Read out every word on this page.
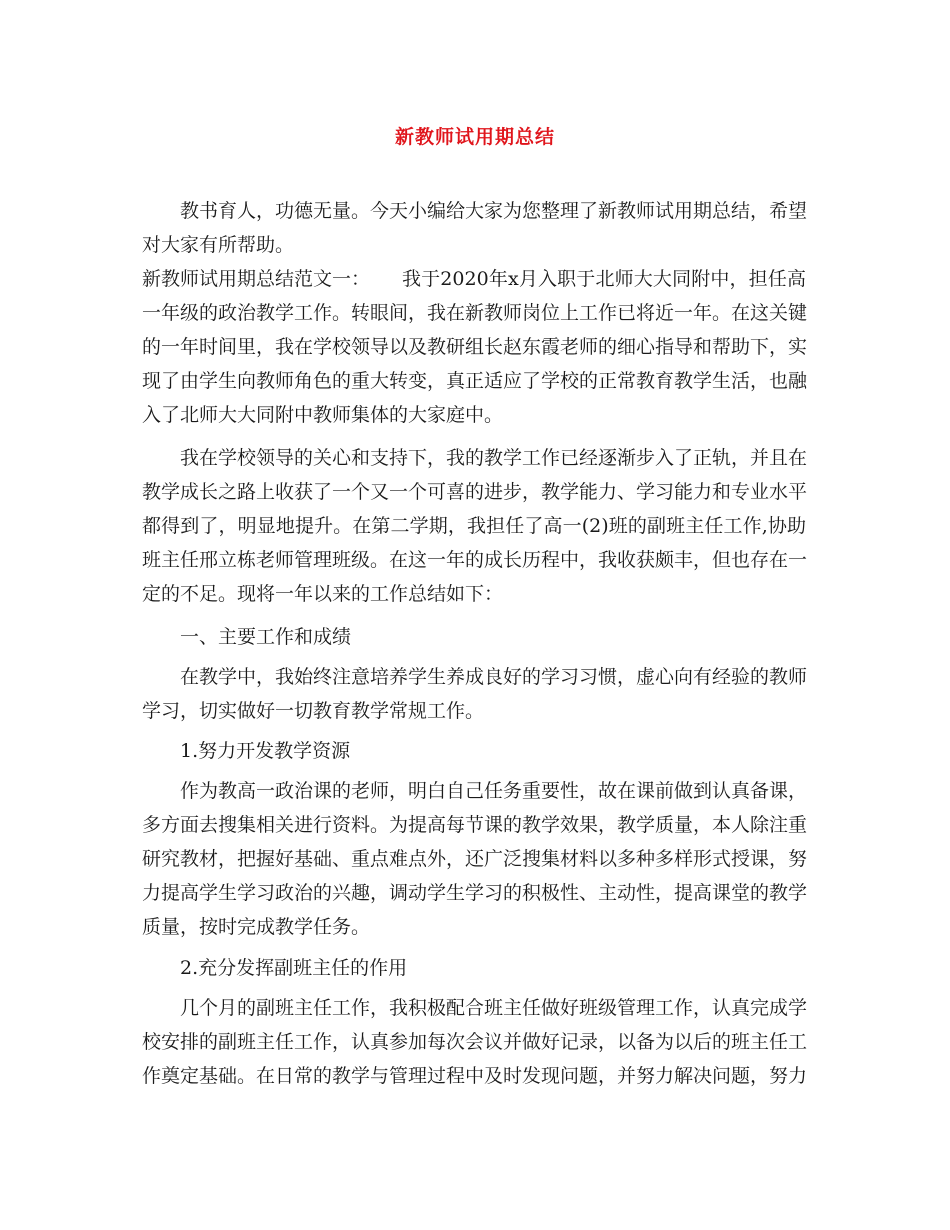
新教师试用期总结
教书育人，功德无量。今天小编给大家为您整理了新教师试用期总结，希望
对大家有所帮助。
新教师试用期总结范文一： 我于2020年x月入职于北师大大同附中，担任高
一年级的政治教学工作。转眼间，我在新教师岗位上工作已将近一年。在这关键
的一年时间里，我在学校领导以及教研组长赵东霞老师的细心指导和帮助下，实
现了由学生向教师角色的重大转变，真正适应了学校的正常教育教学生活，也融
入了北师大大同附中教师集体的大家庭中。
我在学校领导的关心和支持下，我的教学工作已经逐渐步入了正轨，并且在
教学成长之路上收获了一个又一个可喜的进步，教学能力、学习能力和专业水平
都得到了，明显地提升。在第二学期，我担任了高一(2)班的副班主任工作,协助
班主任邢立栋老师管理班级。在这一年的成长历程中，我收获颇丰，但也存在一
定的不足。现将一年以来的工作总结如下：
一、主要工作和成绩
在教学中，我始终注意培养学生养成良好的学习习惯，虚心向有经验的教师
学习，切实做好一切教育教学常规工作。
1.努力开发教学资源
作为教高一政治课的老师，明白自己任务重要性，故在课前做到认真备课，
多方面去搜集相关进行资料。为提高每节课的教学效果，教学质量，本人除注重
研究教材，把握好基础、重点难点外，还广泛搜集材料以多种多样形式授课，努
力提高学生学习政治的兴趣，调动学生学习的积极性、主动性，提高课堂的教学
质量，按时完成教学任务。
2.充分发挥副班主任的作用
几个月的副班主任工作，我积极配合班主任做好班级管理工作，认真完成学
校安排的副班主任工作，认真参加每次会议并做好记录，以备为以后的班主任工
作奠定基础。在日常的教学与管理过程中及时发现问题，并努力解决问题，努力
